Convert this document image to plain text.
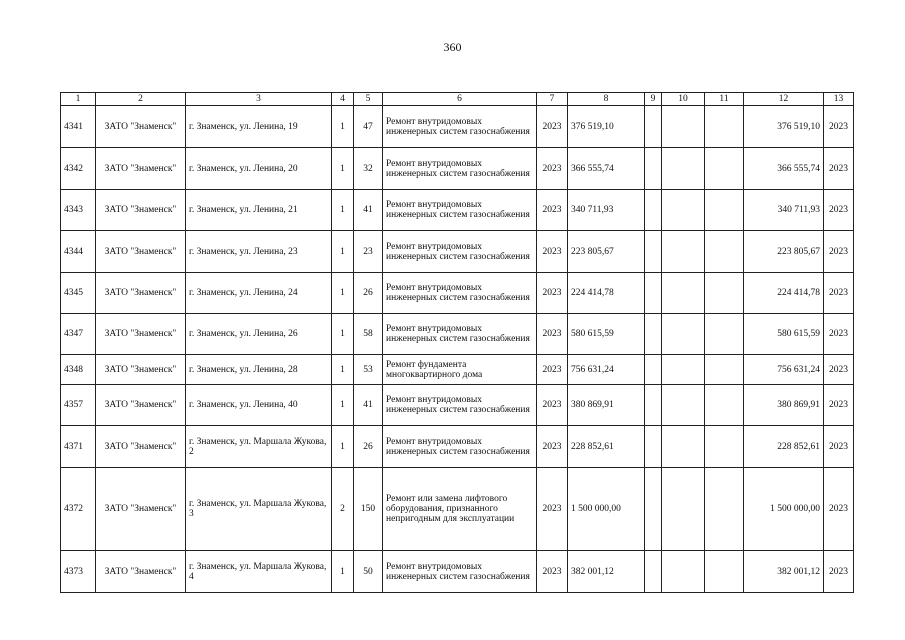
360
1	2	3	4	5	6	7	8	9	10	11	12	13
4341	ЗАТО "Знаменск"	г. Знаменск, ул. Ленина, 19	1	47	Ремонт внутридомовых инженерных систем газоснабжения	2023	376 519,10				376 519,10	2023
4342	ЗАТО "Знаменск"	г. Знаменск, ул. Ленина, 20	1	32	Ремонт внутридомовых инженерных систем газоснабжения	2023	366 555,74				366 555,74	2023
4343	ЗАТО "Знаменск"	г. Знаменск, ул. Ленина, 21	1	41	Ремонт внутридомовых инженерных систем газоснабжения	2023	340 711,93				340 711,93	2023
4344	ЗАТО "Знаменск"	г. Знаменск, ул. Ленина, 23	1	23	Ремонт внутридомовых инженерных систем газоснабжения	2023	223 805,67				223 805,67	2023
4345	ЗАТО "Знаменск"	г. Знаменск, ул. Ленина, 24	1	26	Ремонт внутридомовых инженерных систем газоснабжения	2023	224 414,78				224 414,78	2023
4347	ЗАТО "Знаменск"	г. Знаменск, ул. Ленина, 26	1	58	Ремонт внутридомовых инженерных систем газоснабжения	2023	580 615,59				580 615,59	2023
4348	ЗАТО "Знаменск"	г. Знаменск, ул. Ленина, 28	1	53	Ремонт фундамента многоквартирного дома	2023	756 631,24				756 631,24	2023
4357	ЗАТО "Знаменск"	г. Знаменск, ул. Ленина, 40	1	41	Ремонт внутридомовых инженерных систем газоснабжения	2023	380 869,91				380 869,91	2023
4371	ЗАТО "Знаменск"	г. Знаменск, ул. Маршала Жукова, 2	1	26	Ремонт внутридомовых инженерных систем газоснабжения	2023	228 852,61				228 852,61	2023
4372	ЗАТО "Знаменск"	г. Знаменск, ул. Маршала Жукова, 3	2	150	Ремонт или замена лифтового оборудования, признанного непригодным для эксплуатации	2023	1 500 000,00				1 500 000,00	2023
4373	ЗАТО "Знаменск"	г. Знаменск, ул. Маршала Жукова, 4	1	50	Ремонт внутридомовых инженерных систем газоснабжения	2023	382 001,12				382 001,12	2023
